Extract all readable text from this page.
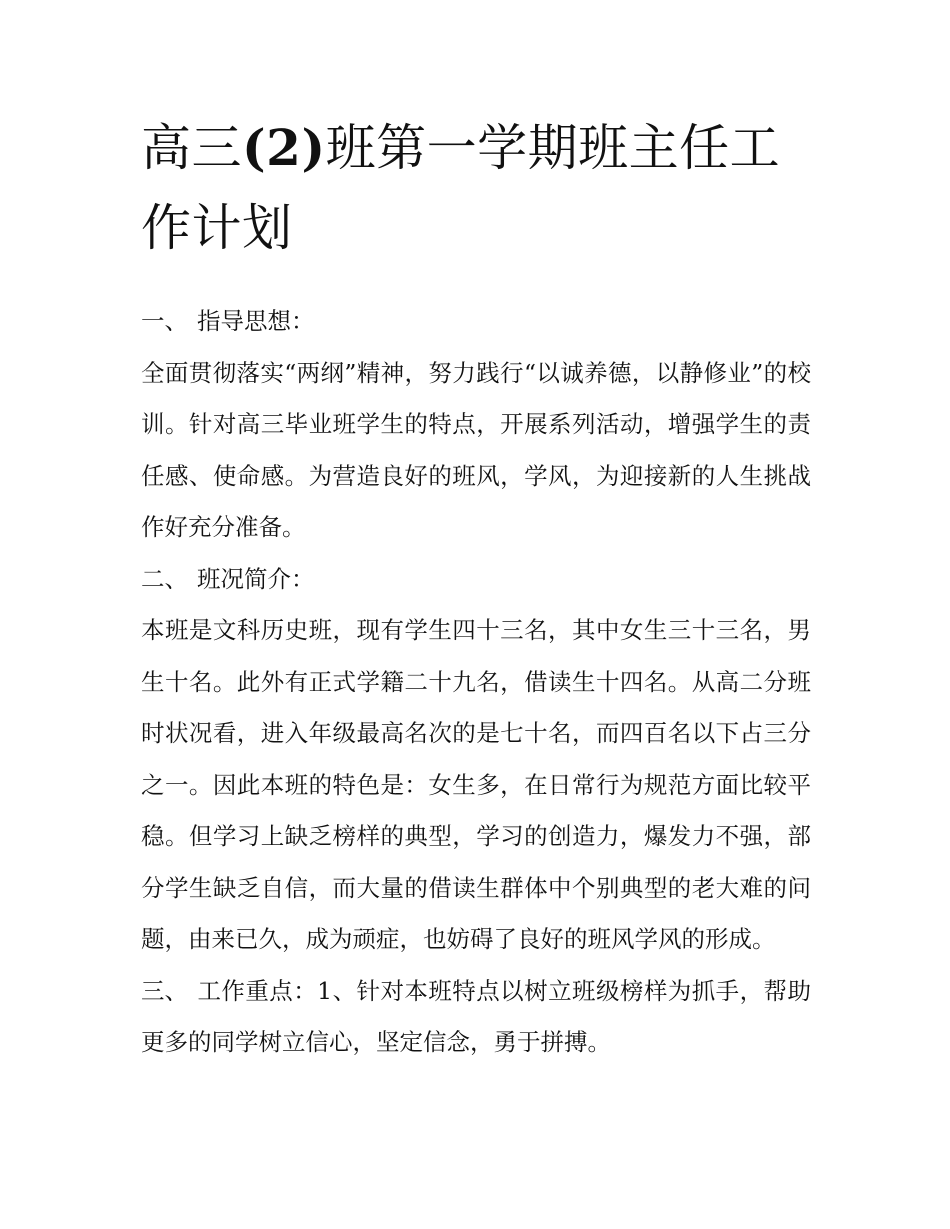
高三(2)班第一学期班主任工作计划

一、 指导思想：

全面贯彻落实“两纲”精神，努力践行“以诚养德，以静修业”的校训。针对高三毕业班学生的特点，开展系列活动，增强学生的责任感、使命感。为营造良好的班风，学风，为迎接新的人生挑战作好充分准备。

二、 班况简介：

本班是文科历史班，现有学生四十三名，其中女生三十三名，男生十名。此外有正式学籍二十九名，借读生十四名。从高二分班时状况看，进入年级最高名次的是七十名，而四百名以下占三分之一。因此本班的特色是：女生多，在日常行为规范方面比较平稳。但学习上缺乏榜样的典型，学习的创造力，爆发力不强，部分学生缺乏自信，而大量的借读生群体中个别典型的老大难的问题，由来已久，成为顽症，也妨碍了良好的班风学风的形成。

三、 工作重点：1、针对本班特点以树立班级榜样为抓手，帮助更多的同学树立信心，坚定信念，勇于拼搏。
